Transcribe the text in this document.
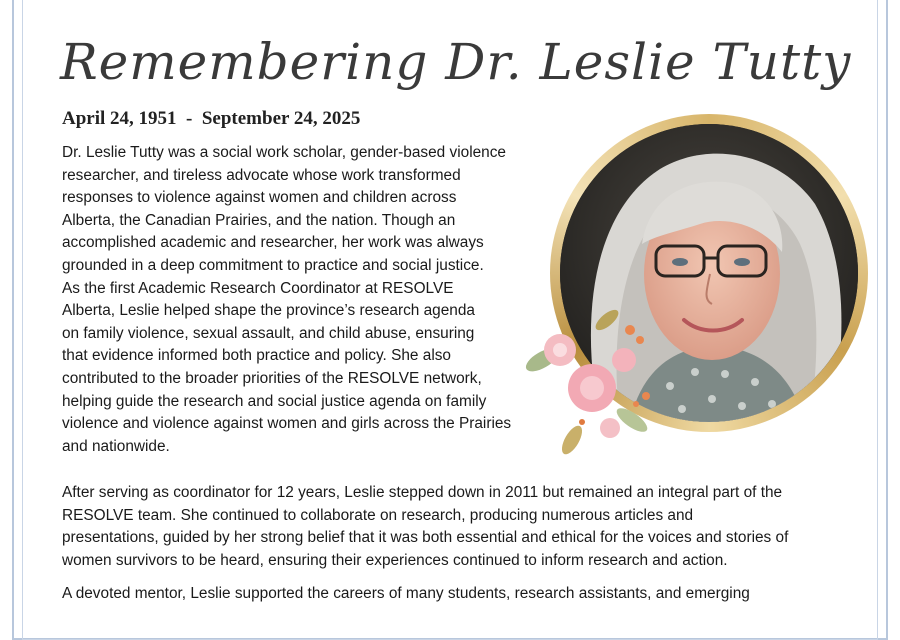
Remembering Dr. Leslie Tutty
April 24, 1951 - September 24, 2025
Dr. Leslie Tutty was a social work scholar, gender-based violence
researcher, and tireless advocate whose work transformed
responses to violence against women and children across
Alberta, the Canadian Prairies, and the nation. Though an
accomplished academic and researcher, her work was always
grounded in a deep commitment to practice and social justice.
As the first Academic Research Coordinator at RESOLVE
Alberta, Leslie helped shape the province’s research agenda
on family violence, sexual assault, and child abuse, ensuring
that evidence informed both practice and policy. She also
contributed to the broader priorities of the RESOLVE network,
helping guide the research and social justice agenda on family
violence and violence against women and girls across the Prairies
and nationwide.
After serving as coordinator for 12 years, Leslie stepped down in 2011 but remained an integral part of the
RESOLVE team. She continued to collaborate on research, producing numerous articles and
presentations, guided by her strong belief that it was both essential and ethical for the voices and stories of
women survivors to be heard, ensuring their experiences continued to inform research and action.
A devoted mentor, Leslie supported the careers of many students, research assistants, and emerging
